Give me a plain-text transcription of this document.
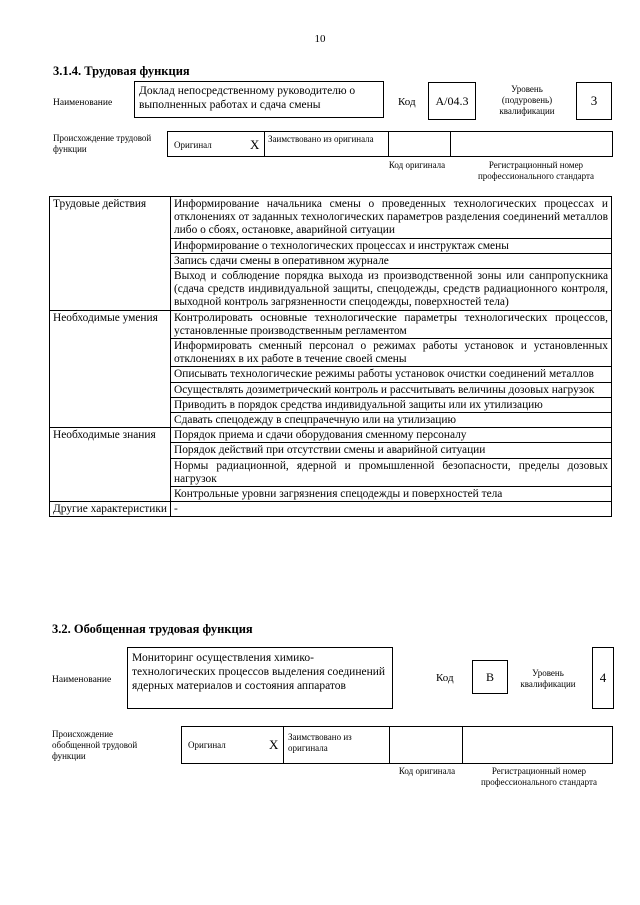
10
3.1.4. Трудовая функция
Наименование
Доклад непосредственному руководителю о выполненных работах и сдача смены	Код	А/04.3
Уровень (подуровень) квалификации
3
Происхождение трудовой функции	Оригинал	X Заимствовано из оригинала
Код оригинала	Регистрационный номер профессионального стандарта
Трудовые действия	Информирование начальника смены о проведенных технологических процессах и отклонениях от заданных технологических параметров разделения соединений металлов либо о сбоях, остановке, аварийной ситуации
	Информирование о технологических процессах и инструктаж смены
	Запись сдачи смены в оперативном журнале
	Выход и соблюдение порядка выхода из производственной зоны или санпропускника (сдача средств индивидуальной защиты, спецодежды, средств радиационного контроля, выходной контроль загрязненности спецодежды, поверхностей тела)
Необходимые умения	Контролировать основные технологические параметры технологических процессов, установленные производственным регламентом
	Информировать сменный персонал о режимах работы установок и установленных отклонениях в их работе в течение своей смены
	Описывать технологические режимы работы установок очистки соединений металлов
	Осуществлять дозиметрический контроль и рассчитывать величины дозовых нагрузок
	Приводить в порядок средства индивидуальной защиты или их утилизацию
	Сдавать спецодежду в спецпрачечную или на утилизацию
Необходимые знания	Порядок приема и сдачи оборудования сменному персоналу
	Порядок действий при отсутствии смены и аварийной ситуации
	Нормы радиационной, ядерной и промышленной безопасности, пределы дозовых нагрузок
	Контрольные уровни загрязнения спецодежды и поверхностей тела
Другие характеристики	-
3.2. Обобщенная трудовая функция
Наименование
Мониторинг осуществления химико-технологических процессов выделения соединений ядерных материалов и состояния аппаратов
Код	В	Уровень квалификации	4
Происхождение обобщенной трудовой функции
Оригинал	X Заимствовано из оригинала
Код оригинала	Регистрационный номер профессионального стандарта
